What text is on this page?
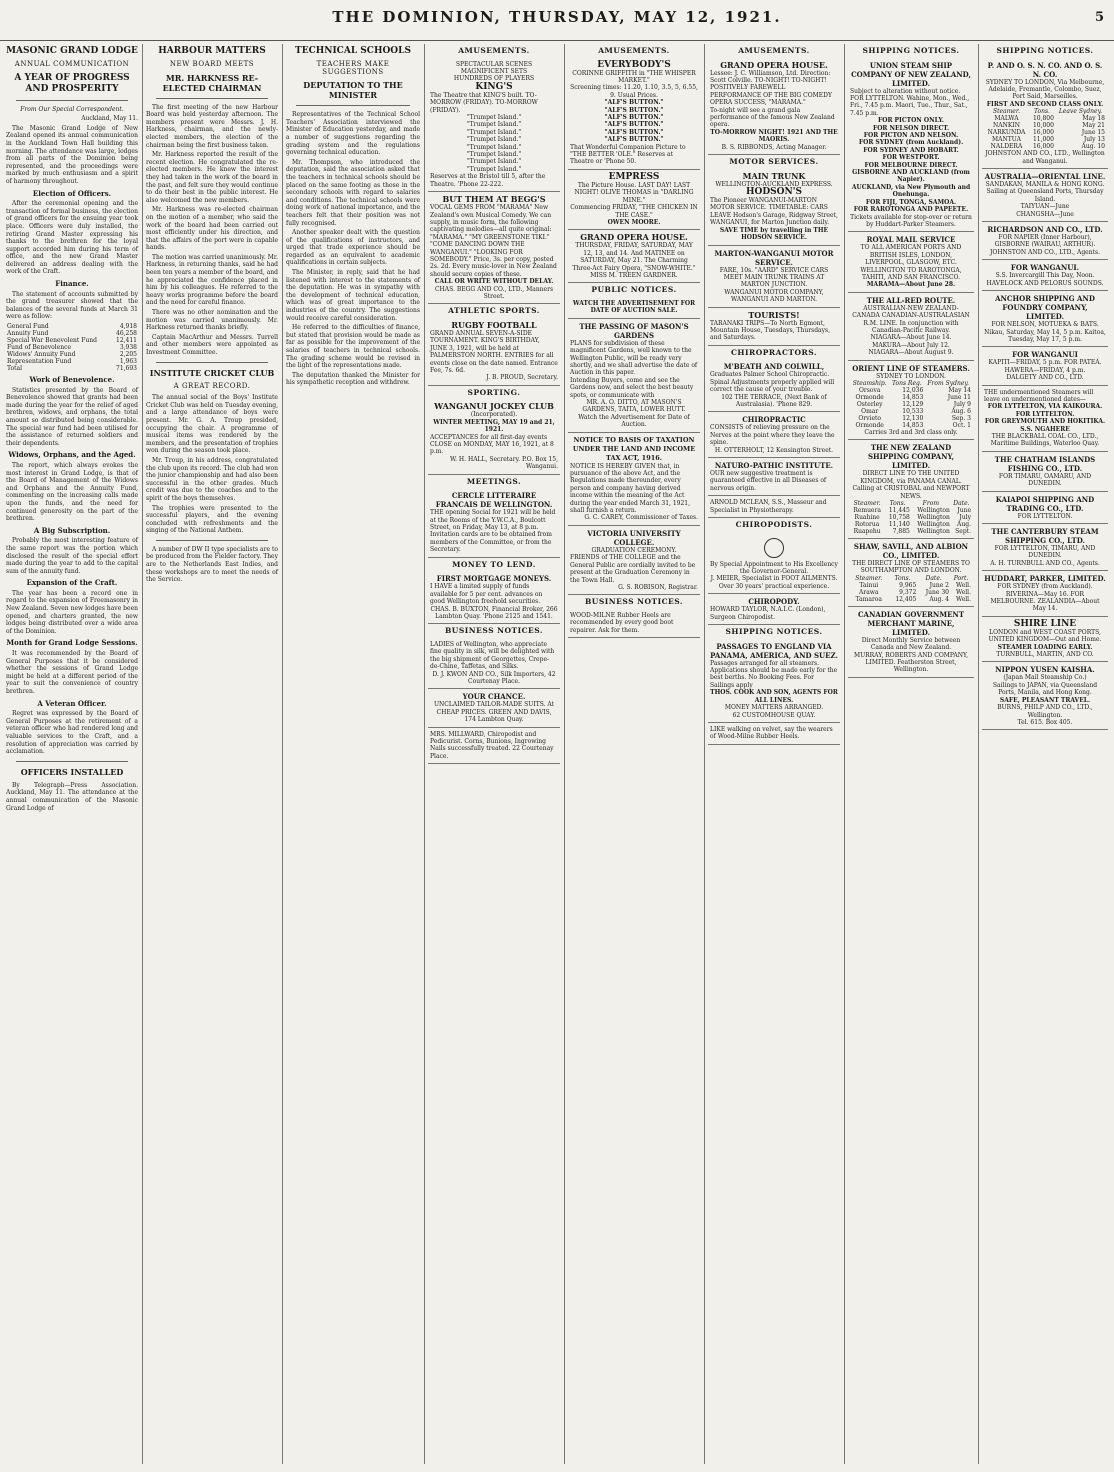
THE DOMINION, THURSDAY, MAY 12, 1921.	5
MASONIC GRAND LODGE
ANNUAL COMMUNICATION
A YEAR OF PROGRESS AND PROSPERITY

From Our Special Correspondent.

Auckland, May 11.

The Masonic Grand Lodge of New Zealand opened its annual communication in the Auckland Town Hall building this morning. The attendance was large, lodges from all parts of the Dominion being represented, and the proceedings were marked by much enthusiasm and a spirit of harmony throughout.

Election of Officers.

After the ceremonial opening and the transaction of formal business, the election of grand officers for the ensuing year took place. Officers were duly installed, the retiring Grand Master expressing his thanks to the brethren for the loyal support accorded him during his term of office, and the new Grand Master delivered an address dealing with the work of the Craft.

Finance.

The statement of accounts submitted by the grand treasurer showed that the balances of the several funds at March 31 were as follow:

General Fund	4,918
Annuity Fund	46,258
Special War Benevolent Fund	12,411
Fund of Benevolence	3,938
Widows' Annuity Fund	2,205
Representation Fund	1,963
Total	71,693
Work of Benevolence.

Statistics presented by the Board of Benevolence showed that grants had been made during the year for the relief of aged brethren, widows, and orphans, the total amount so distributed being considerable. The special war fund had been utilised for the assistance of returned soldiers and their dependents.

Widows, Orphans, and the Aged.

The report, which always evokes the most interest in Grand Lodge, is that of the Board of Management of the Widows and Orphans and the Annuity Fund, commenting on the increasing calls made upon the funds, and the need for continued generosity on the part of the brethren.

A Big Subscription.

Probably the most interesting feature of the same report was the portion which disclosed the result of the special effort made during the year to add to the capital sum of the annuity fund.

Expansion of the Craft.

The year has been a record one in regard to the expansion of Freemasonry in New Zealand. Seven new lodges have been opened, and charters granted, the new lodges being distributed over a wide area of the Dominion.

Month for Grand Lodge Sessions.

It was recommended by the Board of General Purposes that it be considered whether the sessions of Grand Lodge might be held at a different period of the year to suit the convenience of country brethren.

A Veteran Officer.

Regret was expressed by the Board of General Purposes at the retirement of a veteran officer who had rendered long and valuable services to the Craft, and a resolution of appreciation was carried by acclamation.

OFFICERS INSTALLED

By Telegraph—Press Association. Auckland, May 11. The attendance at the annual communication of the Masonic Grand Lodge of

HARBOUR MATTERS
NEW BOARD MEETS
MR. HARKNESS RE-ELECTED CHAIRMAN

The first meeting of the new Harbour Board was held yesterday afternoon. The members present were Messrs. J. H. Harkness, chairman, and the newly-elected members, the election of the chairman being the first business taken.

Mr. Harkness reported the result of the recent election. He congratulated the re-elected members. He knew the interest they had taken in the work of the board in the past, and felt sure they would continue to do their best in the public interest. He also welcomed the new members.

Mr. Harkness was re-elected chairman on the motion of a member, who said the work of the board had been carried out most efficiently under his direction, and that the affairs of the port were in capable hands.

The motion was carried unanimously. Mr. Harkness, in returning thanks, said he had been ten years a member of the board, and he appreciated the confidence placed in him by his colleagues. He referred to the heavy works programme before the board and the need for careful finance.

There was no other nomination and the motion was carried unanimously. Mr. Harkness returned thanks briefly.

Captain MacArthur and Messrs. Turrell and other members were appointed as Investment Committee.

INSTITUTE CRICKET CLUB
A GREAT RECORD.

The annual social of the Boys' Institute Cricket Club was held on Tuesday evening, and a large attendance of boys were present. Mr. G. A. Troup presided, occupying the chair. A programme of musical items was rendered by the members, and the presentation of trophies won during the season took place.

Mr. Troup, in his address, congratulated the club upon its record. The club had won the junior championship and had also been successful in the other grades. Much credit was due to the coaches and to the spirit of the boys themselves.

The trophies were presented to the successful players, and the evening concluded with refreshments and the singing of the National Anthem.

A number of DW II type specialists are to be produced from the Fielder factory. They are to the Netherlands East Indies, and these workshops are to meet the needs of the Service.

TECHNICAL SCHOOLS
TEACHERS MAKE SUGGESTIONS
DEPUTATION TO THE MINISTER

Representatives of the Technical School Teachers' Association interviewed the Minister of Education yesterday, and made a number of suggestions regarding the grading system and the regulations governing technical education.

Mr. Thompson, who introduced the deputation, said the association asked that the teachers in technical schools should be placed on the same footing as those in the secondary schools with regard to salaries and conditions. The technical schools were doing work of national importance, and the teachers felt that their position was not fully recognised.

Another speaker dealt with the question of the qualifications of instructors, and urged that trade experience should be regarded as an equivalent to academic qualifications in certain subjects.

The Minister, in reply, said that he had listened with interest to the statements of the deputation. He was in sympathy with the development of technical education, which was of great importance to the industries of the country. The suggestions would receive careful consideration.

He referred to the difficulties of finance, but stated that provision would be made as far as possible for the improvement of the salaries of teachers in technical schools. The grading scheme would be revised in the light of the representations made.

The deputation thanked the Minister for his sympathetic reception and withdrew.

AMUSEMENTS.
SPECTACULAR SCENES
MAGNIFICENT SETS
HUNDREDS OF PLAYERS
KING'S
The Theatre that KING'S built. TO-MORROW (FRIDAY). TO-MORROW (FRIDAY).
"Trumpet Island."
"Trumpet Island."
"Trumpet Island."
"Trumpet Island."
"Trumpet Island."
"Trumpet Island."
"Trumpet Island."
"Trumpet Island."
Reserves at the Bristol till 5, after the Theatre. 'Phone 22-222.
BUT THEM AT BEGG'S
VOCAL GEMS FROM "MARAMA" New Zealand's own Musical Comedy. We can supply, in music form, the following captivating melodies—all quite original: "MARAMA." "MY GREENSTONE TIKI." "COME DANCING DOWN THE WANGANUI." "LOOKING FOR SOMEBODY." Price, 3s. per copy, posted 2s. 2d. Every music-lover in New Zealand should secure copies of these.
CALL OR WRITE WITHOUT DELAY.
CHAS. BEGG AND CO., LTD., Manners Street.
ATHLETIC SPORTS.
RUGBY FOOTBALL
GRAND ANNUAL SEVEN-A-SIDE TOURNAMENT. KING'S BIRTHDAY, JUNE 3, 1921, will be held at PALMERSTON NORTH. ENTRIES for all events close on the date named. Entrance Fee, 7s. 6d.
J. B. PROUD, Secretary.
SPORTING.
WANGANUI JOCKEY CLUB
(Incorporated).
WINTER MEETING, MAY 19 and 21, 1921.
ACCEPTANCES for all first-day events CLOSE on MONDAY, MAY 16, 1921, at 8 p.m.
W. H. HALL, Secretary. P.O. Box 15, Wanganui.
MEETINGS.
CERCLE LITTERAIRE FRANCAIS DE WELLINGTON.
THE opening Social for 1921 will be held at the Rooms of the Y.W.C.A., Boulcott Street, on Friday, May 13, at 8 p.m. Invitation cards are to be obtained from members of the Committee, or from the Secretary.
MONEY TO LEND.
FIRST MORTGAGE MONEYS.
I HAVE a limited supply of funds available for 5 per cent. advances on good Wellington freehold securities.
CHAS. B. BUXTON, Financial Broker, 266 Lambton Quay. 'Phone 2125 and 1541.
BUSINESS NOTICES.
LADIES of Wellington, who appreciate fine quality in silk, will be delighted with the big shipment of Georgettes, Crepe-de-Chine, Taffetas, and Silks.
D. J. KWON AND CO., Silk Importers, 42 Courtenay Place.
YOUR CHANCE.
UNCLAIMED TAILOR-MADE SUITS. At CHEAP PRICES. GREEN AND DAVIS, 174 Lambton Quay.
MRS. MILLWARD, Chiropodist and Pedicurist. Corns, Bunions, Ingrowing Nails successfully treated. 22 Courtenay Place.
AMUSEMENTS.
EVERYBODY'S
CORINNE GRIFFITH in "THE WHISPER MARKET."
Screening times: 11.20, 1.10, 3.5, 5, 6.55, 9. Usual Prices.
"ALF'S BUTTON."
"ALF'S BUTTON."
"ALF'S BUTTON."
"ALF'S BUTTON."
"ALF'S BUTTON."
"ALF'S BUTTON."
That Wonderful Companion Picture to "THE BETTER 'OLE." Reserves at Theatre or 'Phone 50.
EMPRESS
The Picture House. LAST DAY! LAST NIGHT! OLIVE THOMAS in "DARLING MINE."
Commencing FRIDAY, "THE CHICKEN IN THE CASE."
OWEN MOORE.
GRAND OPERA HOUSE.
THURSDAY, FRIDAY, SATURDAY, MAY 12, 13, and 14. And MATINEE on SATURDAY, May 21. The Charming Three-Act Fairy Opera, "SNOW-WHITE."
MISS M. TREEN GARDNER.
PUBLIC NOTICES.
WATCH THE ADVERTISEMENT FOR DATE OF AUCTION SALE.
THE PASSING OF MASON'S GARDENS
PLANS for subdivision of these magnificent Gardens, well known to the Wellington Public, will be ready very shortly, and we shall advertise the date of Auction in this paper.
Intending Buyers, come and see the Gardens now, and select the best beauty spots, or communicate with
MR. A. O. DITTO, AT MASON'S GARDENS, TAITA, LOWER HUTT.
Watch the Advertisement for Date of Auction.
NOTICE TO BASIS OF TAXATION UNDER THE LAND AND INCOME TAX ACT, 1916.
NOTICE IS HEREBY GIVEN that, in pursuance of the above Act, and the Regulations made thereunder, every person and company having derived income within the meaning of the Act during the year ended March 31, 1921, shall furnish a return.
G. C. CAREY, Commissioner of Taxes.
VICTORIA UNIVERSITY COLLEGE.
GRADUATION CEREMONY.
FRIENDS of THE COLLEGE and the General Public are cordially invited to be present at the Graduation Ceremony in the Town Hall.
G. S. ROBISON, Registrar.
BUSINESS NOTICES.
WOOD-MILNE Rubber Heels are recommended by every good boot repairer. Ask for them.
AMUSEMENTS.
GRAND OPERA HOUSE.
Lessee: J. C. Williamson, Ltd. Direction: Scott Colville. TO-NIGHT! TO-NIGHT! POSITIVELY FAREWELL PERFORMANCE OF THE BIG COMEDY OPERA SUCCESS, "MARAMA."
To-night will see a grand gala performance of the famous New Zealand opera.
TO-MORROW NIGHT! 1921 AND THE MAORIS.
B. S. RIBBONDS, Acting Manager.
MOTOR SERVICES.
MAIN TRUNK
WELLINGTON-AUCKLAND EXPRESS.
HODSON'S
The Pioneer WANGANUI-MARTON MOTOR SERVICE. TIMETABLE: CARS LEAVE Hodson's Garage, Ridgway Street, WANGANUI, for Marton Junction daily.
SAVE TIME by travelling in THE HODSON SERVICE.
MARTON-WANGANUI MOTOR SERVICE.
FARE, 10s. "AARD" SERVICE CARS MEET MAIN TRUNK TRAINS AT MARTON JUNCTION.
WANGANUI MOTOR COMPANY, WANGANUI AND MARTON.
TOURISTS!
TARANAKI TRIPS—To North Egmont, Mountain House, Tuesdays, Thursdays, and Saturdays.
CHIROPRACTORS.
M'BEATH AND COLWILL,
Graduates Palmer School Chiropractic. Spinal Adjustments properly applied will correct the cause of your trouble.
102 THE TERRACE, (Next Bank of Australasia). 'Phone 829.
CHIROPRACTIC
CONSISTS of relieving pressure on the Nerves at the point where they leave the spine.
H. OTTERHOLT, 12 Kensington Street.
NATURO-PATHIC INSTITUTE.
OUR new suggestive treatment is guaranteed effective in all Diseases of nervous origin.
ARNOLD MCLEAN, S.S., Masseur and Specialist in Physiotherapy.
CHIROPODISTS.
By Special Appointment to His Excellency the Governor-General.
J. MEIER, Specialist in FOOT AILMENTS. Over 30 years' practical experience.
CHIROPODY.
HOWARD TAYLOR, N.A.I.C. (London), Surgeon Chiropodist.
SHIPPING NOTICES.
PASSAGES TO ENGLAND VIA PANAMA, AMERICA, AND SUEZ.
Passages arranged for all steamers. Applications should be made early for the best berths. No Booking Fees. For Sailings apply
THOS. COOK AND SON, AGENTS FOR ALL LINES.
MONEY MATTERS ARRANGED.
62 CUSTOMHOUSE QUAY.
LIKE walking on velvet, say the wearers of Wood-Milne Rubber Heels.
SHIPPING NOTICES.
UNION STEAM SHIP COMPANY OF NEW ZEALAND, LIMITED.
Subject to alteration without notice. FOR LYTTELTON. Wahine, Mon., Wed., Fri., 7.45 p.m. Maori, Tue., Thur., Sat., 7.45 p.m.
FOR PICTON ONLY.
FOR NELSON DIRECT.
FOR PICTON AND NELSON.
FOR SYDNEY (from Auckland).
FOR SYDNEY AND HOBART.
FOR WESTPORT.
FOR MELBOURNE DIRECT.
GISBORNE AND AUCKLAND (from Napier).
AUCKLAND, via New Plymouth and Onehunga.
FOR FIJI, TONGA, SAMOA.
FOR RAROTONGA AND PAPEETE.
Tickets available for stop-over or return by Huddart-Parker Steamers.
ROYAL MAIL SERVICE
TO ALL AMERICAN PORTS AND BRITISH ISLES, LONDON, LIVERPOOL, GLASGOW, ETC. WELLINGTON TO RAROTONGA, TAHITI, AND SAN FRANCISCO.
MARAMA—About June 28.
THE ALL-RED ROUTE.
AUSTRALIAN-NEW ZEALAND-CANADA CANADIAN-AUSTRALASIAN R.M. LINE. In conjunction with Canadian-Pacific Railway.
NIAGARA—About June 14.
MAKURA—About July 12.
NIAGARA—About August 9.
ORIENT LINE OF STEAMERS.
SYDNEY TO LONDON.
Steamship.	Tons Reg.	From Sydney.
Orsova	12,036	May 14
Ormonde	14,853	June 11
Osterley	12,129	July 9
Omar	10,533	Aug. 6
Orvieto	12,130	Sep. 3
Ormonde	14,853	Oct. 1
Carries 3rd and 3rd class only.
THE NEW ZEALAND SHIPPING COMPANY, LIMITED.
DIRECT LINE TO THE UNITED KINGDOM, via PANAMA CANAL. Calling at CRISTOBAL and NEWPORT NEWS.
Steamer.	Tons.	From	Date.
Remuera	11,445	Wellington	June
Ruahine	10,758	Wellington	July
Rotorua	11,140	Wellington	Aug.
Ruapehu	7,885	Wellington	Sept.
SHAW, SAVILL, AND ALBION CO., LIMITED.
THE DIRECT LINE OF STEAMERS TO SOUTHAMPTON AND LONDON.
Steamer.	Tons.	Date.	Port.
Tainui	9,965	June 2	Well.
Arawa	9,372	June 30	Well.
Tamaroa	12,405	Aug. 4	Well.
CANADIAN GOVERNMENT MERCHANT MARINE, LIMITED.
Direct Monthly Service between Canada and New Zealand.
MURRAY, ROBERTS AND COMPANY, LIMITED. Featherston Street, Wellington.
SHIPPING NOTICES.
P. AND O. S. N. CO. AND O. S. N. CO.
SYDNEY TO LONDON, Via Melbourne, Adelaide, Fremantle, Colombo, Suez, Port Said, Marseilles.
FIRST AND SECOND CLASS ONLY.
Steamer.	Tons.	Leave Sydney.
MALWA	10,800	May 18
NANKIN	10,000	May 21
NARKUNDA	16,000	June 15
MANTUA	11,000	July 13
NALDERA	16,000	Aug. 10
JOHNSTON AND CO., LTD., Wellington and Wanganui.
AUSTRALIA—ORIENTAL LINE.
SANDAKAN, MANILA & HONG KONG. Sailing at Queensland Ports, Thursday Island.
TAIYUAN—June
CHANGSHA—June
RICHARDSON AND CO., LTD.
FOR NAPIER (Inner Harbour), GISBORNE (WAIRAU, ARTHUR).
JOHNSTON AND CO., LTD., Agents.
FOR WANGANUI.
S.S. Invercargill This Day, Noon. HAVELOCK AND PELORUS SOUNDS.
ANCHOR SHIPPING AND FOUNDRY COMPANY, LIMITED.
FOR NELSON, MOTUEKA & BATS. Nikau, Saturday, May 14, 5 p.m. Kaitoa, Tuesday, May 17, 5 p.m.
FOR WANGANUI
KAPITI—FRIDAY, 5 p.m. FOR PATEA. HAWERA—FRIDAY, 4 p.m.
DALGETY AND CO., LTD.
THE undermentioned Steamers will leave on undermentioned dates—
FOR LYTTELTON, VIA KAIKOURA.
FOR LYTTELTON.
FOR GREYMOUTH AND HOKITIKA.
S.S. NGAHERE
THE BLACKBALL COAL CO., LTD., Maritime Buildings, Waterloo Quay.
THE CHATHAM ISLANDS FISHING CO., LTD.
FOR TIMARU, OAMARU, AND DUNEDIN.
KAIAPOI SHIPPING AND TRADING CO., LTD.
FOR LYTTELTON.
THE CANTERBURY STEAM SHIPPING CO., LTD.
FOR LYTTELTON, TIMARU, AND DUNEDIN.
A. H. TURNBULL AND CO., Agents.
HUDDART, PARKER, LIMITED.
FOR SYDNEY (from Auckland). RIVERINA—May 16. FOR MELBOURNE. ZEALANDIA—About May 14.
SHIRE LINE
LONDON and WEST COAST PORTS, UNITED KINGDOM—Out and Home.
STEAMER LOADING EARLY.
TURNBULL, MARTIN, AND CO.
NIPPON YUSEN KAISHA.
(Japan Mail Steamship Co.)
Sailings to JAPAN, via Queensland Ports, Manila, and Hong Kong.
SAFE, PLEASANT TRAVEL.
BURNS, PHILP AND CO., LTD., Wellington.
Tel. 615. Box 405.
